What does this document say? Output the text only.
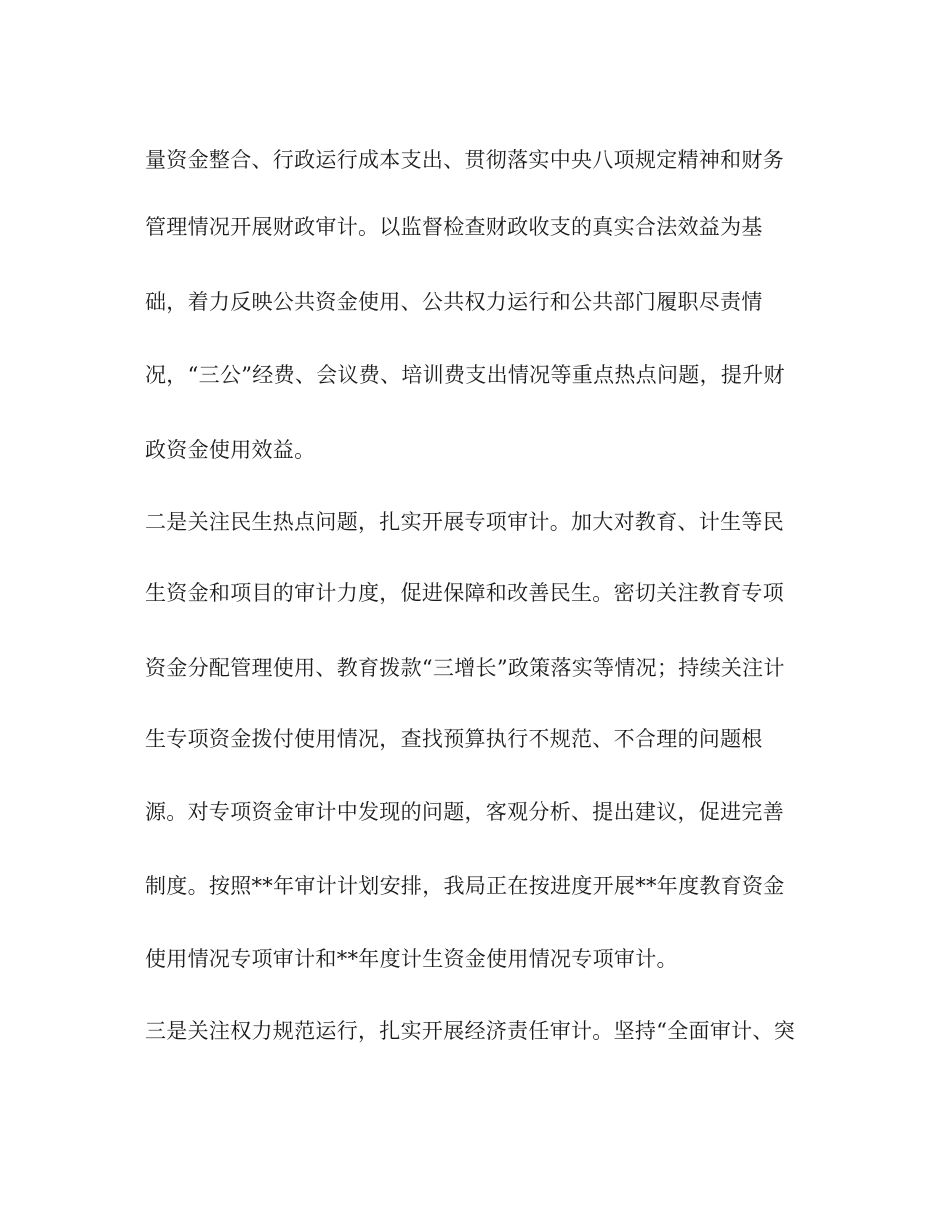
量资金整合、行政运行成本支出、贯彻落实中央八项规定精神和财务
管理情况开展财政审计。以监督检查财政收支的真实合法效益为基
础，着力反映公共资金使用、公共权力运行和公共部门履职尽责情
况，“三公”经费、会议费、培训费支出情况等重点热点问题，提升财
政资金使用效益。
二是关注民生热点问题，扎实开展专项审计。加大对教育、计生等民
生资金和项目的审计力度，促进保障和改善民生。密切关注教育专项
资金分配管理使用、教育拨款“三增长”政策落实等情况；持续关注计
生专项资金拨付使用情况，查找预算执行不规范、不合理的问题根
源。对专项资金审计中发现的问题，客观分析、提出建议，促进完善
制度。按照**年审计计划安排，我局正在按进度开展**年度教育资金
使用情况专项审计和**年度计生资金使用情况专项审计。
三是关注权力规范运行，扎实开展经济责任审计。坚持“全面审计、突
